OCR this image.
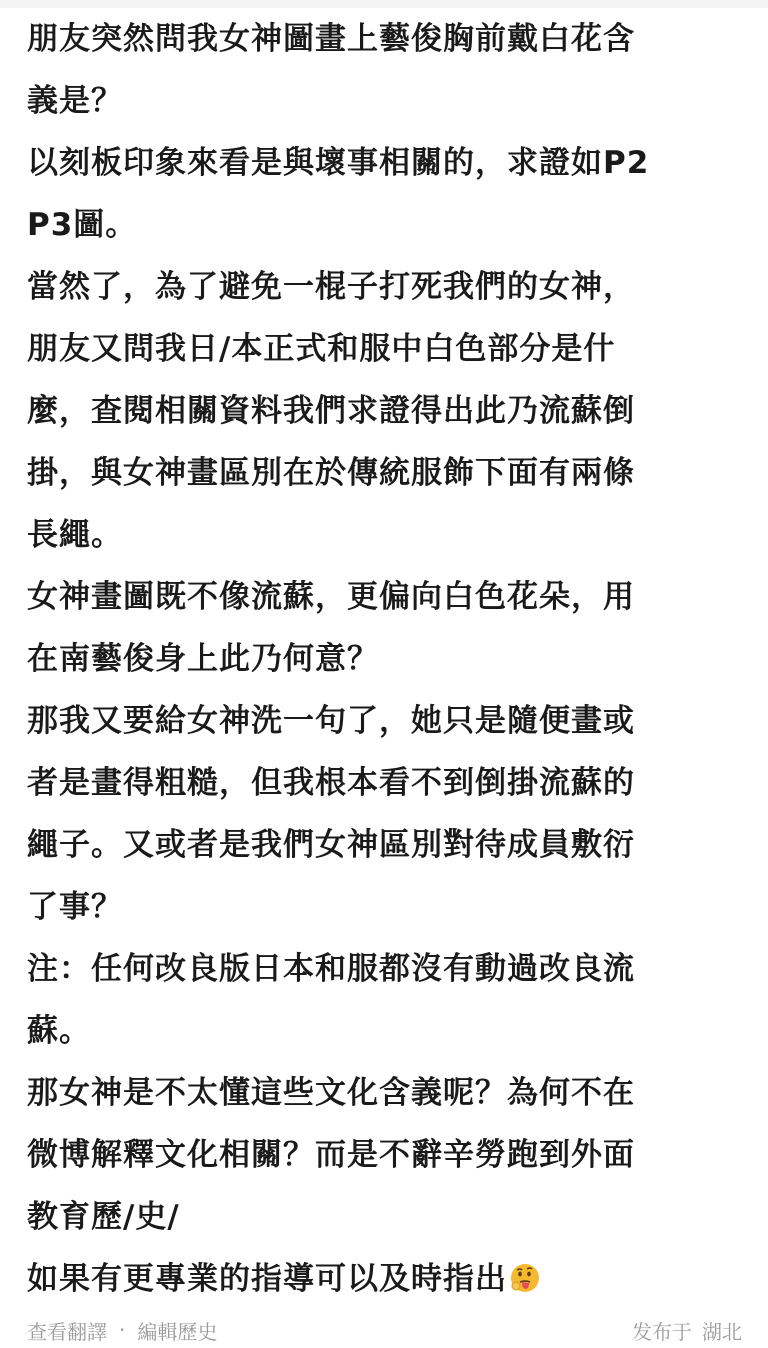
朋友突然問我女神圖畫上藝俊胸前戴白花含
義是？
以刻板印象來看是與壞事相關的，求證如P2
P3圖。
當然了，為了避免一棍子打死我們的女神，
朋友又問我日/本正式和服中白色部分是什
麼，查閱相關資料我們求證得出此乃流蘇倒
掛，與女神畫區別在於傳統服飾下面有兩條
長繩。
女神畫圖既不像流蘇，更偏向白色花朵，用
在南藝俊身上此乃何意？
那我又要給女神洗一句了，她只是隨便畫或
者是畫得粗糙，但我根本看不到倒掛流蘇的
繩子。又或者是我們女神區別對待成員敷衍
了事？
注：任何改良版日本和服都沒有動過改良流
蘇。
那女神是不太懂這些文化含義呢？為何不在
微博解釋文化相關？而是不辭辛勞跑到外面
教育歷/史/
如果有更專業的指導可以及時指出
查看翻譯 · 編輯歷史	发布于 湖北
